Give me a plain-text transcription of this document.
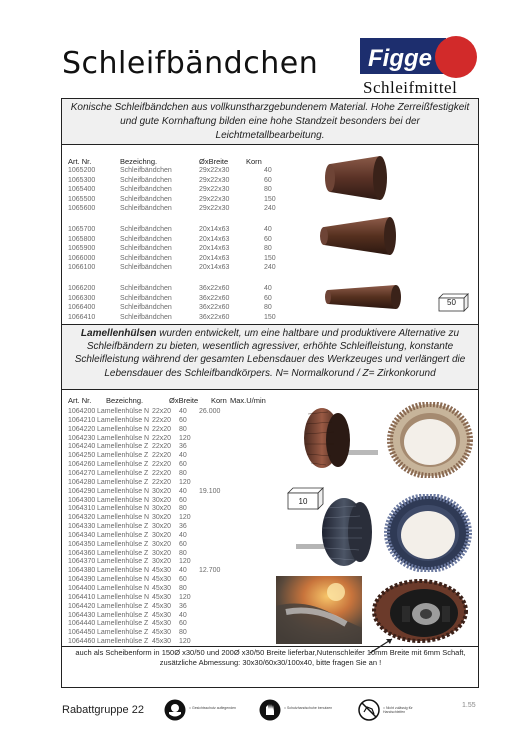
Schleifbändchen Figge
Schleifmittel
Konische Schleifbändchen aus vollkunstharzgebundenem Material. Hohe Zerreißfestigkeit und gute Kornhaftung bilden eine hohe Standzeit besonders bei der Leichtmetallbearbeitung.
Art. Nr.	Bezeichng.	ØxBreite Korn
1065200	Schleifbändchen	29x22x30	40
1065300	Schleifbändchen	29x22x30	60
1065400	Schleifbändchen	29x22x30	80
1065500	Schleifbändchen	29x22x30	150
1065600	Schleifbändchen	29x22x30	240
1065700	Schleifbändchen	20x14x63	40
1065800	Schleifbändchen	20x14x63	60
1065900	Schleifbändchen	20x14x63	80
1066000	Schleifbändchen	20x14x63	150
1066100	Schleifbändchen	20x14x63	240
1066200	Schleifbändchen	36x22x60	40
1066300	Schleifbändchen	36x22x60	60
1066400	Schleifbändchen	36x22x60	80
1066410	Schleifbändchen	36x22x60	150
50
Lamellenhülsen wurden entwickelt, um eine haltbare und produktivere Alternative zu Schleifbändern zu bieten, wesentlich agressiver, erhöhte Schleifleistung, konstante Schleifleistung während der gesamten Lebensdauer des Werkzeuges und verlängert die Lebensdauer des Schleifbandkörpers. N= Normalkorund / Z= Zirkonkorund
Art. Nr. Bezeichng.	ØxBreite Korn Max.U/min
1064200 Lamellenhülse N 22x20 40 26.000
1064210 Lamellenhülse N 22x20 60
1064220 Lamellenhülse N 22x20 80
1064230 Lamellenhülse N 22x20 120
1064240 Lamellenhülse Z 22x20 36
1064250 Lamellenhülse Z 22x20 40
1064260 Lamellenhülse Z 22x20 60
1064270 Lamellenhülse Z 22x20 80
1064280 Lamellenhülse Z 22x20 120
1064290 Lamellenhülse N 30x20 40 19.100
1064300 Lamellenhülse N 30x20 60
1064310 Lamellenhülse N 30x20 80
1064320 Lamellenhülse N 30x20 120
1064330 Lamellenhülse Z 30x20 36
1064340 Lamellenhülse Z 30x20 40
1064350 Lamellenhülse Z 30x20 60
1064360 Lamellenhülse Z 30x20 80
1064370 Lamellenhülse Z 30x20 120
1064380 Lamellenhülse N 45x30 40 12.700
1064390 Lamellenhülse N 45x30 60
1064400 Lamellenhülse N 45x30 80
1064410 Lamellenhülse N 45x30 120
1064420 Lamellenhülse Z 45x30 36
1064430 Lamellenhülse Z 45x30 40
1064440 Lamellenhülse Z 45x30 60
1064450 Lamellenhülse Z 45x30 80
1064460 Lamellenhülse Z 45x30 120
10
auch als Scheibenform in 150Ø x30/50 und 200Ø x30/50 Breite lieferbar,Nutenschleifer 10mm Breite mit 6mm Schaft, zusätzliche Abmessung: 30x30/60x30/100x40, bitte fragen Sie an !
Rabattgruppe 22	= Gesichtsschutz auflegenden	= Schutzhandschuhe benutzen	= Nicht zulässig für Handschleifen
1.55
